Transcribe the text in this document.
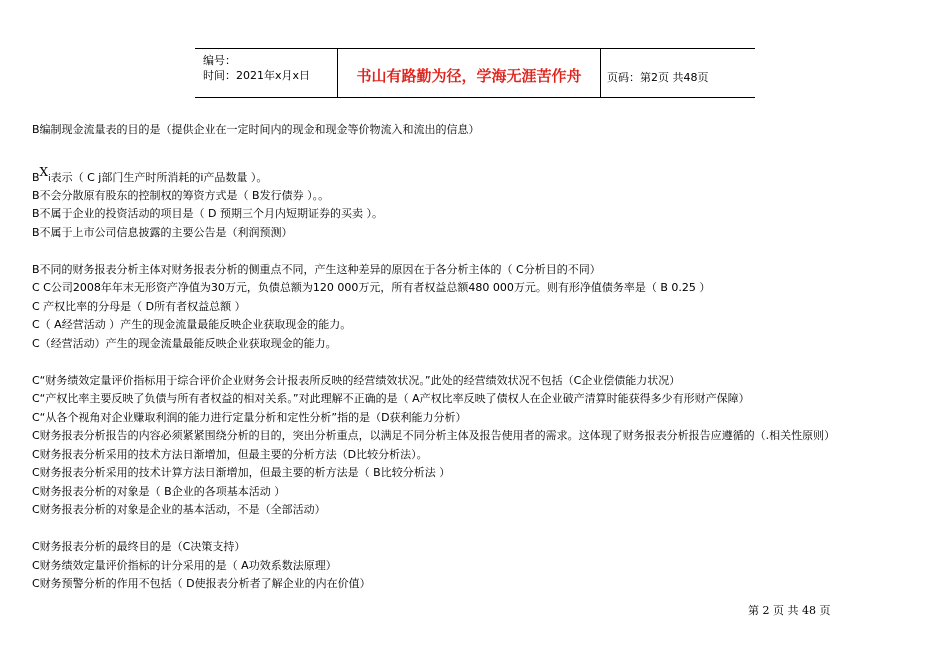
编号：
时间：2021年x月x日	书山有路勤为径，学海无涯苦作舟	页码：第2页 共48页
B编制现金流量表的目的是（提供企业在一定时间内的现金和现金等价物流入和流出的信息）
BXi表示（ C j部门生产时所消耗的i产品数量 ）。
B不会分散原有股东的控制权的筹资方式是（ B发行债券 ）。。
B不属于企业的投资活动的项目是（ D 预期三个月内短期证券的买卖 ）。
B不属于上市公司信息披露的主要公告是（利润预测）
B不同的财务报表分析主体对财务报表分析的侧重点不同，产生这种差异的原因在于各分析主体的（ C分析目的不同）
C C公司2008年年末无形资产净值为30万元，负债总额为120 000万元，所有者权益总额480 000万元。则有形净值债务率是（ B 0.25 ）
C 产权比率的分母是（ D所有者权益总额 ）
C（ A经营活动 ）产生的现金流量最能反映企业获取现金的能力。
C（经营活动）产生的现金流量最能反映企业获取现金的能力。
C“财务绩效定量评价指标用于综合评价企业财务会计报表所反映的经营绩效状况。”此处的经营绩效状况不包括（C企业偿债能力状况）
C“产权比率主要反映了负债与所有者权益的相对关系。”对此理解不正确的是（ A产权比率反映了债权人在企业破产清算时能获得多少有形财产保障）
C“从各个视角对企业赚取利润的能力进行定量分析和定性分析”指的是（D获利能力分析）
C财务报表分析报告的内容必须紧紧围绕分析的目的，突出分析重点，以满足不同分析主体及报告使用者的需求。这体现了财务报表分析报告应遵循的（.相关性原则）
C财务报表分析采用的技术方法日渐增加，但最主要的分析方法（D比较分析法）。
C财务报表分析采用的技术计算方法日渐增加，但最主要的析方法是（ B比较分析法 ）
C财务报表分析的对象是（ B企业的各项基本活动 ）
C财务报表分析的对象是企业的基本活动，不是（全部活动）
C财务报表分析的最终目的是（C决策支持）
C财务绩效定量评价指标的计分采用的是（ A功效系数法原理）
C财务预警分析的作用不包括（ D使报表分析者了解企业的内在价值）
第 2 页 共 48 页
